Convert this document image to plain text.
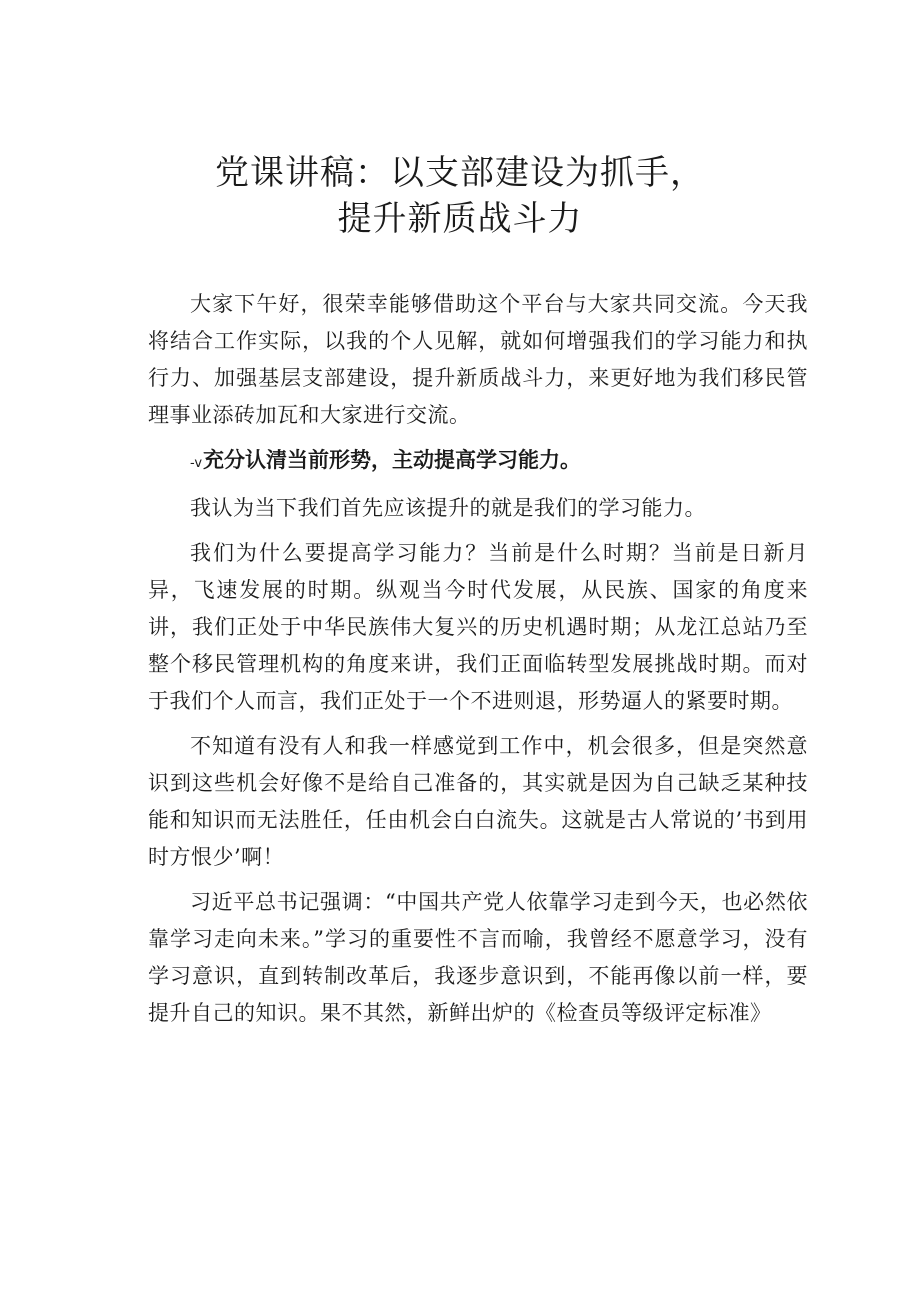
党课讲稿：以支部建设为抓手，
提升新质战斗力

大家下午好，很荣幸能够借助这个平台与大家共同交流。今天我将结合工作实际，以我的个人见解，就如何增强我们的学习能力和执行力、加强基层支部建设，提升新质战斗力，来更好地为我们移民管理事业添砖加瓦和大家进行交流。

-v充分认清当前形势，主动提高学习能力。

我认为当下我们首先应该提升的就是我们的学习能力。

我们为什么要提高学习能力？当前是什么时期？当前是日新月异，飞速发展的时期。纵观当今时代发展，从民族、国家的角度来讲，我们正处于中华民族伟大复兴的历史机遇时期；从龙江总站乃至整个移民管理机构的角度来讲，我们正面临转型发展挑战时期。而对于我们个人而言，我们正处于一个不进则退，形势逼人的紧要时期。

不知道有没有人和我一样感觉到工作中，机会很多，但是突然意识到这些机会好像不是给自己准备的，其实就是因为自己缺乏某种技能和知识而无法胜任，任由机会白白流失。这就是古人常说的’书到用时方恨少’啊！

习近平总书记强调：“中国共产党人依靠学习走到今天，也必然依靠学习走向未来。”学习的重要性不言而喻，我曾经不愿意学习，没有学习意识，直到转制改革后，我逐步意识到，不能再像以前一样，要提升自己的知识。果不其然，新鲜出炉的《检查员等级评定标准》
